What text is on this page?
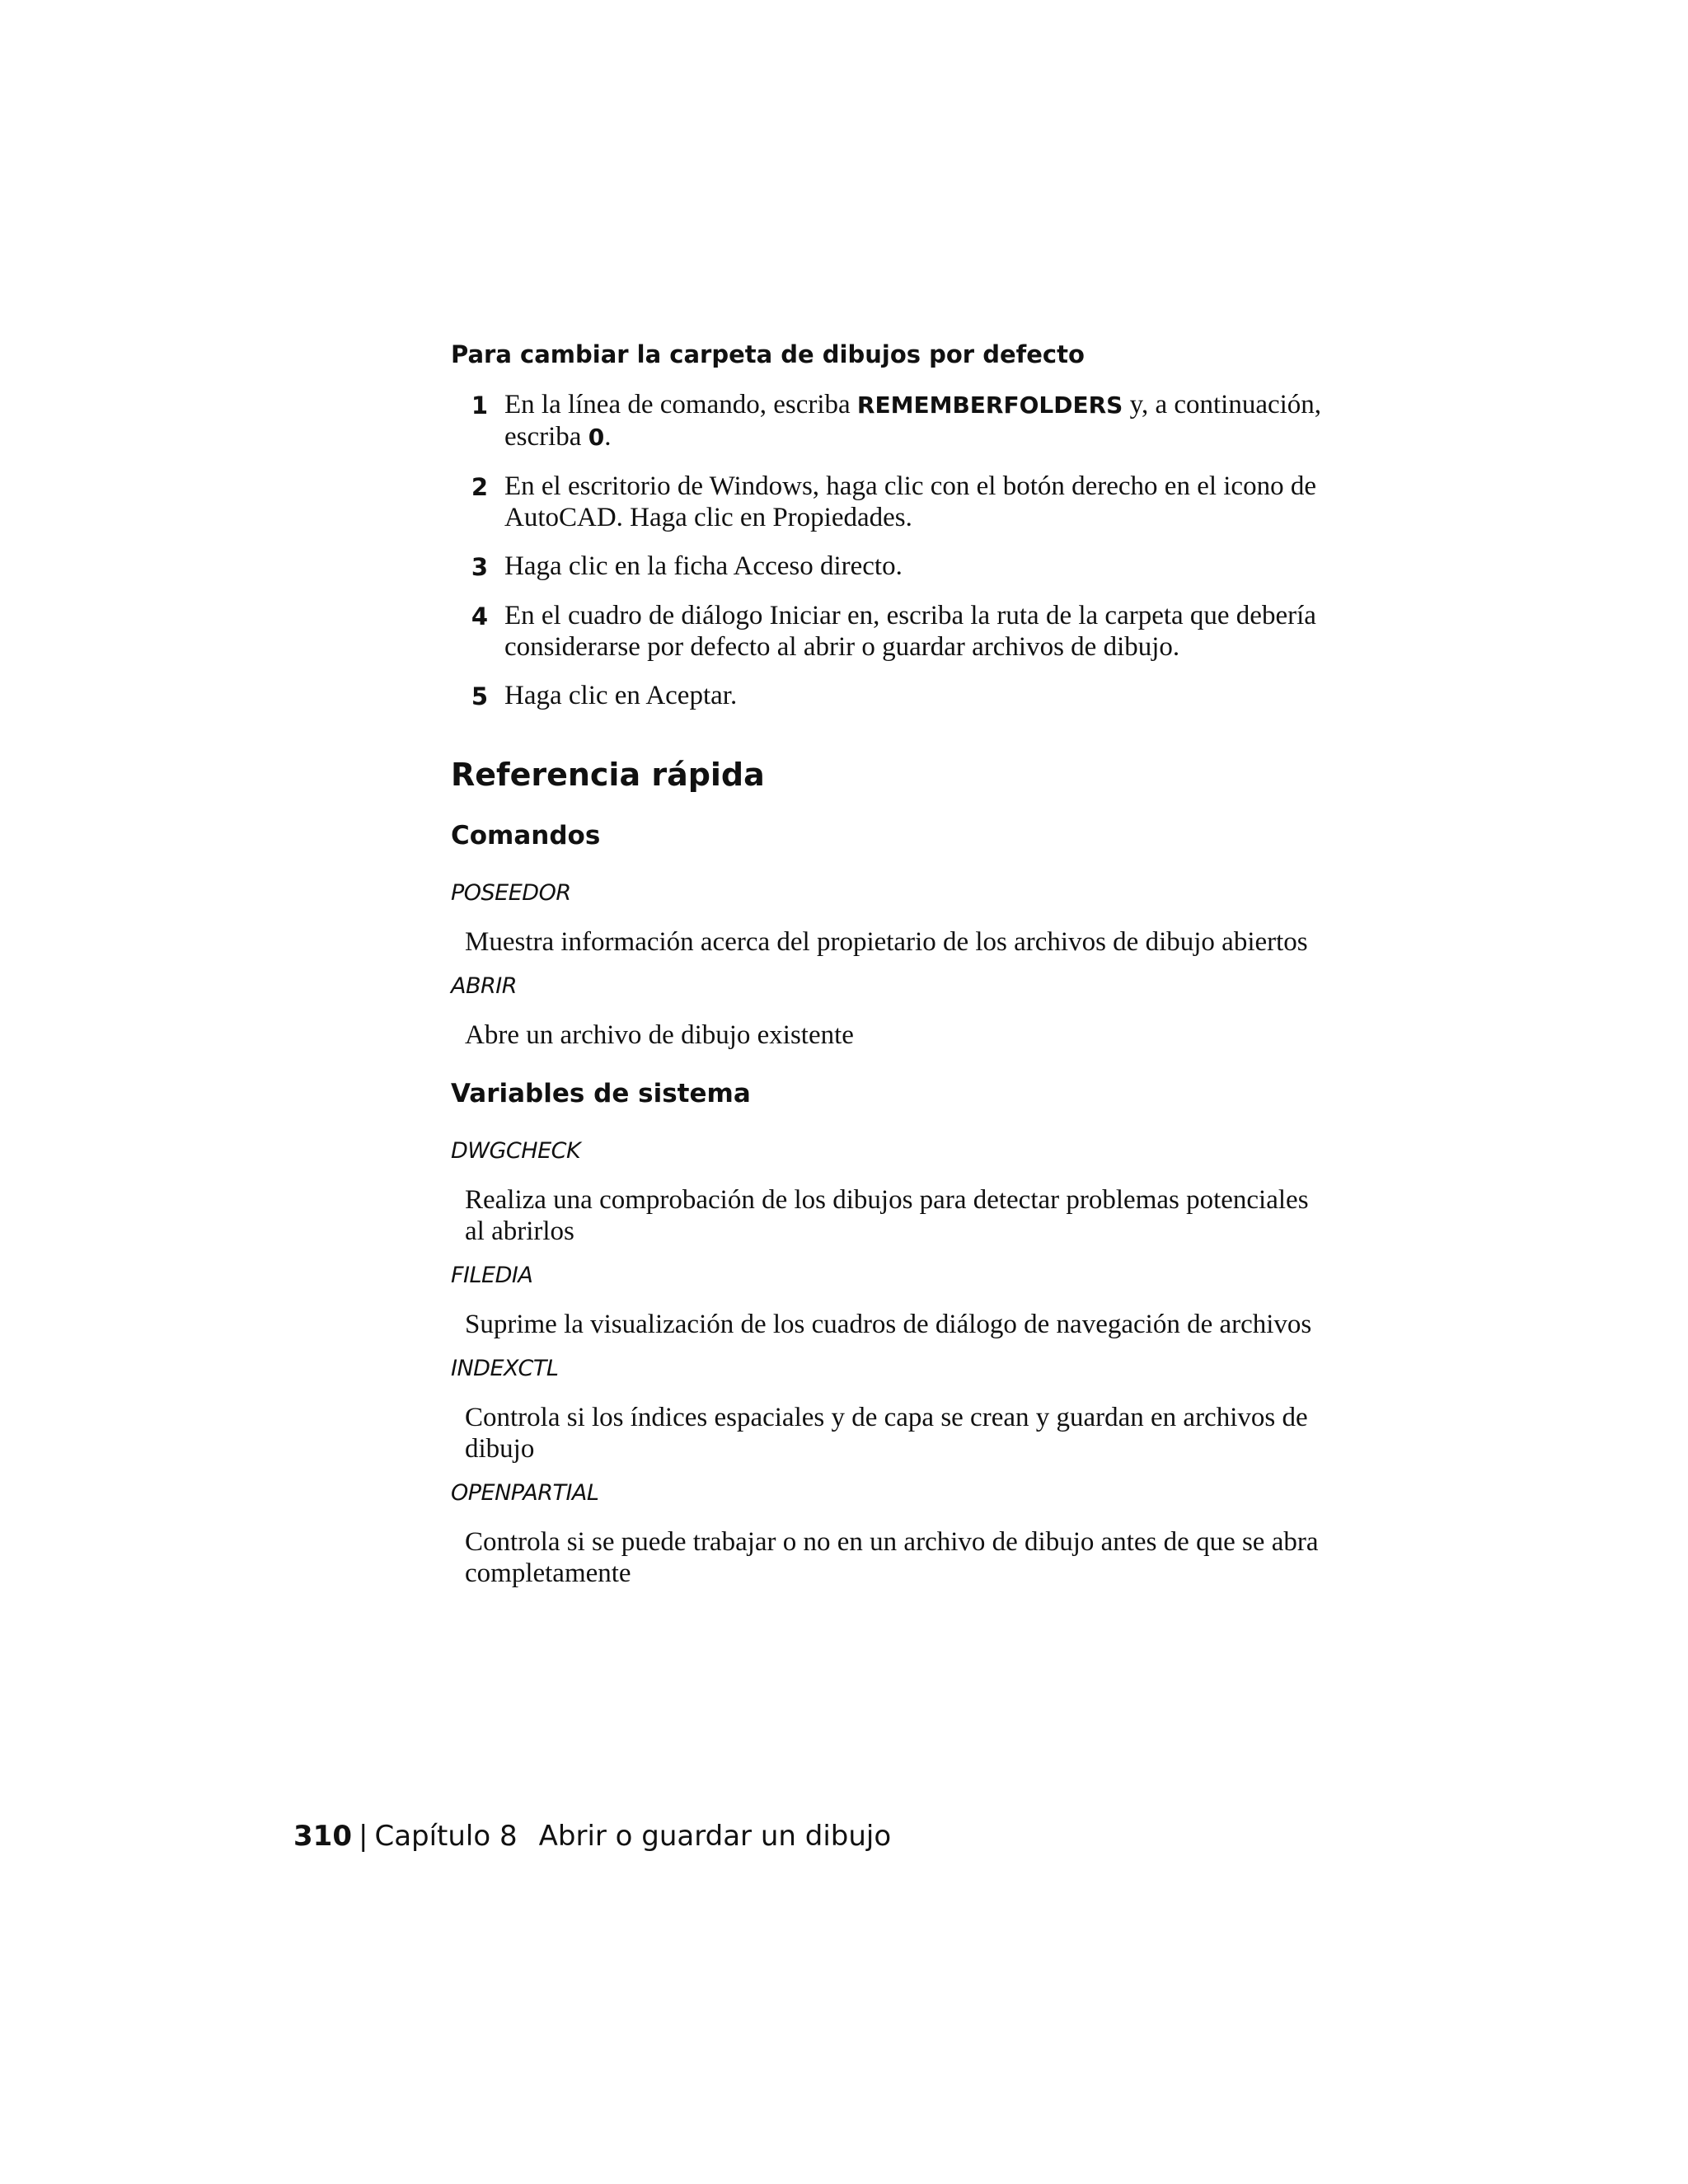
Para cambiar la carpeta de dibujos por defecto
1 En la línea de comando, escriba REMEMBERFOLDERS y, a continuación, escriba 0.
2 En el escritorio de Windows, haga clic con el botón derecho en el icono de AutoCAD. Haga clic en Propiedades.
3 Haga clic en la ficha Acceso directo.
4 En el cuadro de diálogo Iniciar en, escriba la ruta de la carpeta que debería considerarse por defecto al abrir o guardar archivos de dibujo.
5 Haga clic en Aceptar.
Referencia rápida
Comandos
POSEEDOR
Muestra información acerca del propietario de los archivos de dibujo abiertos
ABRIR
Abre un archivo de dibujo existente
Variables de sistema
DWGCHECK
Realiza una comprobación de los dibujos para detectar problemas potenciales al abrirlos
FILEDIA
Suprime la visualización de los cuadros de diálogo de navegación de archivos
INDEXCTL
Controla si los índices espaciales y de capa se crean y guardan en archivos de dibujo
OPENPARTIAL
Controla si se puede trabajar o no en un archivo de dibujo antes de que se abra completamente
310 | Capítulo 8 Abrir o guardar un dibujo
